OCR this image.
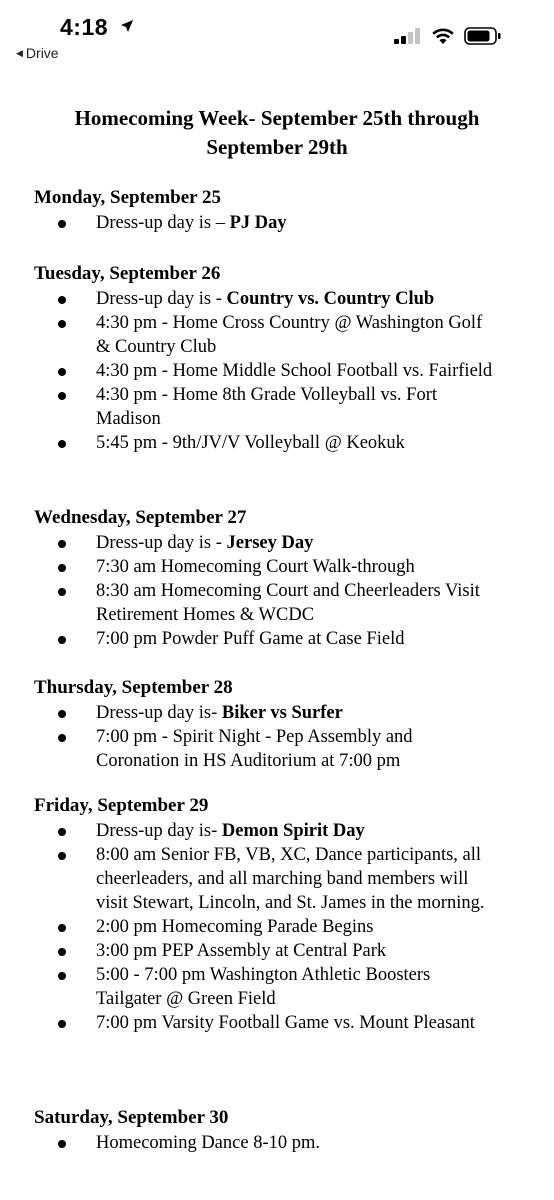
4:18
◀ Drive
Homecoming Week- September 25th through
September 29th
Monday, September 25
Dress-up day is – PJ Day
Tuesday, September 26
Dress-up day is - Country vs. Country Club
4:30 pm - Home Cross Country @ Washington Golf & Country Club
4:30 pm - Home Middle School Football vs. Fairfield
4:30 pm - Home 8th Grade Volleyball vs. Fort Madison
5:45 pm - 9th/JV/V Volleyball @ Keokuk
Wednesday, September 27
Dress-up day is - Jersey Day
7:30 am Homecoming Court Walk-through
8:30 am Homecoming Court and Cheerleaders Visit Retirement Homes & WCDC
7:00 pm Powder Puff Game at Case Field
Thursday, September 28
Dress-up day is- Biker vs Surfer
7:00 pm - Spirit Night - Pep Assembly and Coronation in HS Auditorium at 7:00 pm
Friday, September 29
Dress-up day is- Demon Spirit Day
8:00 am Senior FB, VB, XC, Dance participants, all cheerleaders, and all marching band members will visit Stewart, Lincoln, and St. James in the morning.
2:00 pm Homecoming Parade Begins
3:00 pm PEP Assembly at Central Park
5:00 - 7:00 pm Washington Athletic Boosters Tailgater @ Green Field
7:00 pm Varsity Football Game vs. Mount Pleasant
Saturday, September 30
Homecoming Dance 8-10 pm.
